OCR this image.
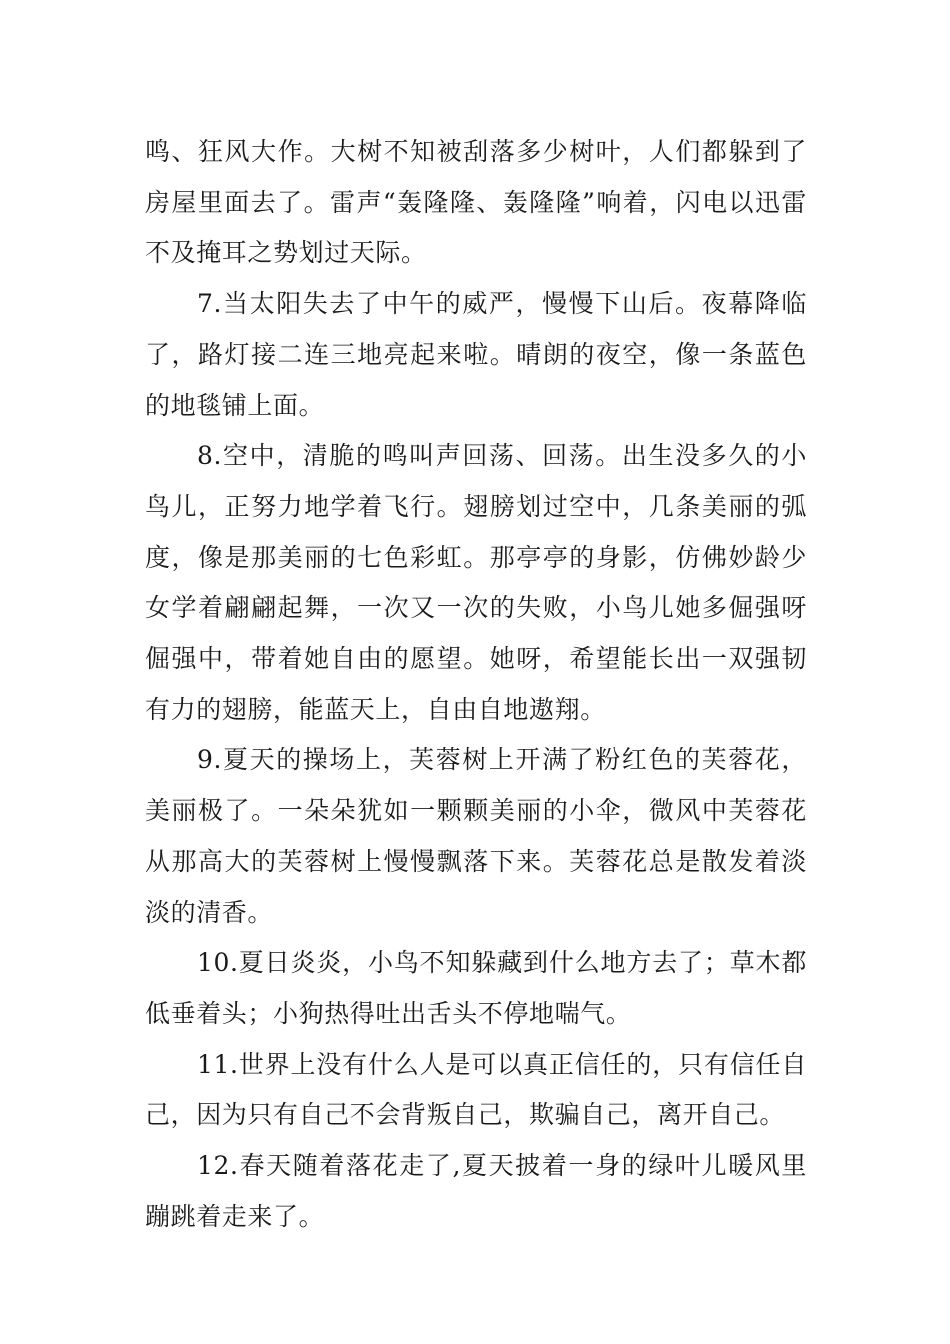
鸣、狂风大作。大树不知被刮落多少树叶，人们都躲到了房屋里面去了。雷声“轰隆隆、轰隆隆”响着，闪电以迅雷不及掩耳之势划过天际。

7.当太阳失去了中午的威严，慢慢下山后。夜幕降临了，路灯接二连三地亮起来啦。晴朗的夜空，像一条蓝色的地毯铺上面。

8.空中，清脆的鸣叫声回荡、回荡。出生没多久的小鸟儿，正努力地学着飞行。翅膀划过空中，几条美丽的弧度，像是那美丽的七色彩虹。那亭亭的身影，仿佛妙龄少女学着翩翩起舞，一次又一次的失败，小鸟儿她多倔强呀倔强中，带着她自由的愿望。她呀，希望能长出一双强韧有力的翅膀，能蓝天上，自由自地遨翔。

9.夏天的操场上，芙蓉树上开满了粉红色的芙蓉花，美丽极了。一朵朵犹如一颗颗美丽的小伞，微风中芙蓉花从那高大的芙蓉树上慢慢飘落下来。芙蓉花总是散发着淡淡的清香。

10.夏日炎炎，小鸟不知躲藏到什么地方去了；草木都低垂着头；小狗热得吐出舌头不停地喘气。

11.世界上没有什么人是可以真正信任的，只有信任自己，因为只有自己不会背叛自己，欺骗自己，离开自己。

12.春天随着落花走了,夏天披着一身的绿叶儿暖风里蹦跳着走来了。
